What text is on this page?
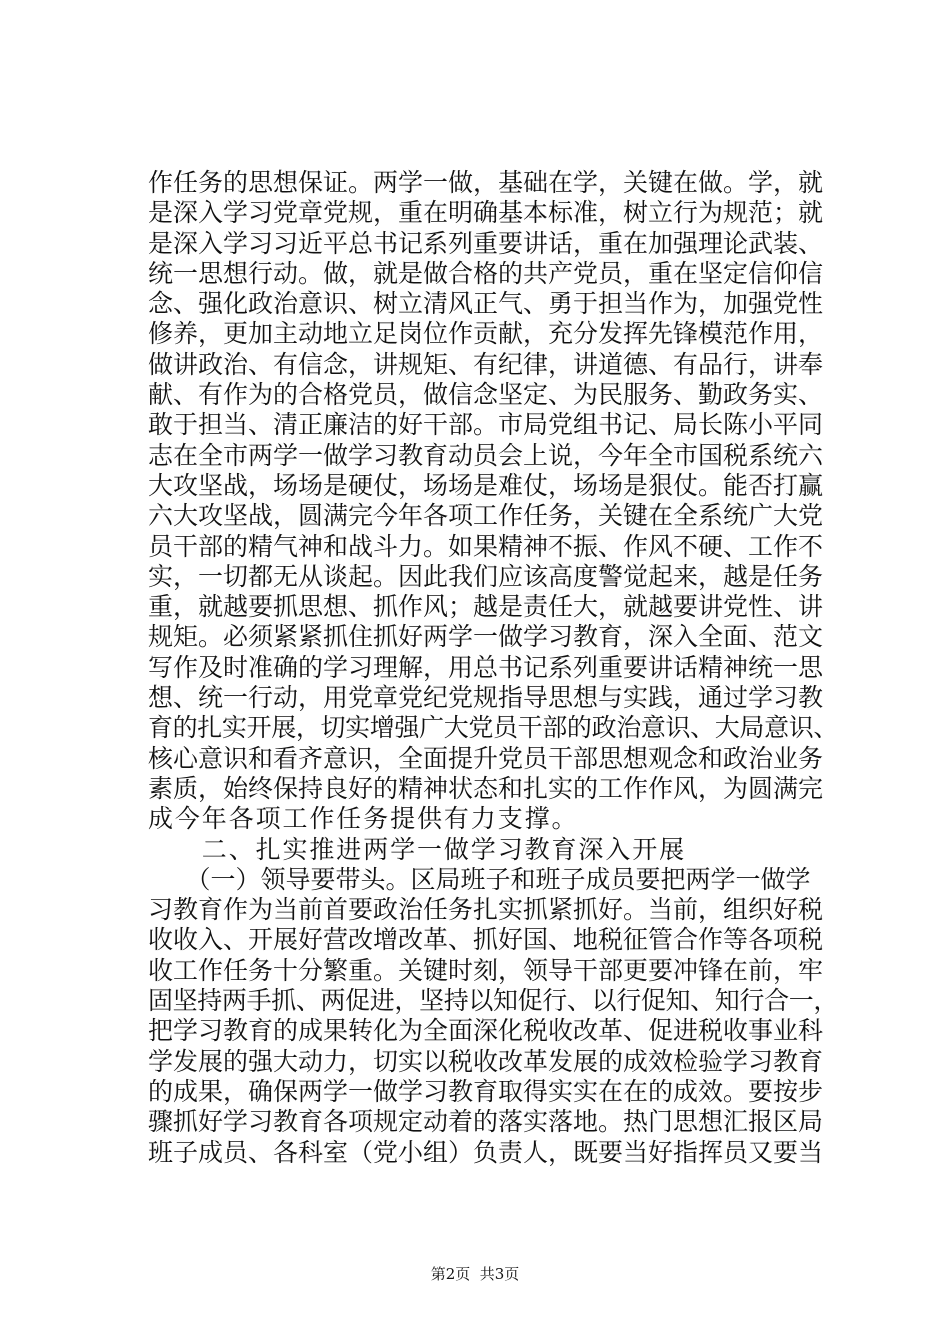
作任务的思想保证。两学一做，基础在学，关键在做。学，就
是深入学习党章党规，重在明确基本标准，树立行为规范；就
是深入学习习近平总书记系列重要讲话，重在加强理论武装、
统一思想行动。做，就是做合格的共产党员，重在坚定信仰信
念、强化政治意识、树立清风正气、勇于担当作为，加强党性
修养，更加主动地立足岗位作贡献，充分发挥先锋模范作用，
做讲政治、有信念，讲规矩、有纪律，讲道德、有品行，讲奉
献、有作为的合格党员，做信念坚定、为民服务、勤政务实、
敢于担当、清正廉洁的好干部。市局党组书记、局长陈小平同
志在全市两学一做学习教育动员会上说，今年全市国税系统六
大攻坚战，场场是硬仗，场场是难仗，场场是狠仗。能否打赢
六大攻坚战，圆满完今年各项工作任务，关键在全系统广大党
员干部的精气神和战斗力。如果精神不振、作风不硬、工作不
实，一切都无从谈起。因此我们应该高度警觉起来，越是任务
重，就越要抓思想、抓作风；越是责任大，就越要讲党性、讲
规矩。必须紧紧抓住抓好两学一做学习教育，深入全面、范文
写作及时准确的学习理解，用总书记系列重要讲话精神统一思
想、统一行动，用党章党纪党规指导思想与实践，通过学习教
育的扎实开展，切实增强广大党员干部的政治意识、大局意识、
核心意识和看齐意识，全面提升党员干部思想观念和政治业务
素质，始终保持良好的精神状态和扎实的工作作风，为圆满完
成今年各项工作任务提供有力支撑。
　　二、扎实推进两学一做学习教育深入开展
　　（一）领导要带头。区局班子和班子成员要把两学一做学
习教育作为当前首要政治任务扎实抓紧抓好。当前，组织好税
收收入、开展好营改增改革、抓好国、地税征管合作等各项税
收工作任务十分繁重。关键时刻，领导干部更要冲锋在前，牢
固坚持两手抓、两促进，坚持以知促行、以行促知、知行合一，
把学习教育的成果转化为全面深化税收改革、促进税收事业科
学发展的强大动力，切实以税收改革发展的成效检验学习教育
的成果，确保两学一做学习教育取得实实在在的成效。要按步
骤抓好学习教育各项规定动着的落实落地。热门思想汇报区局
班子成员、各科室（党小组）负责人，既要当好指挥员又要当
第2页  共3页
